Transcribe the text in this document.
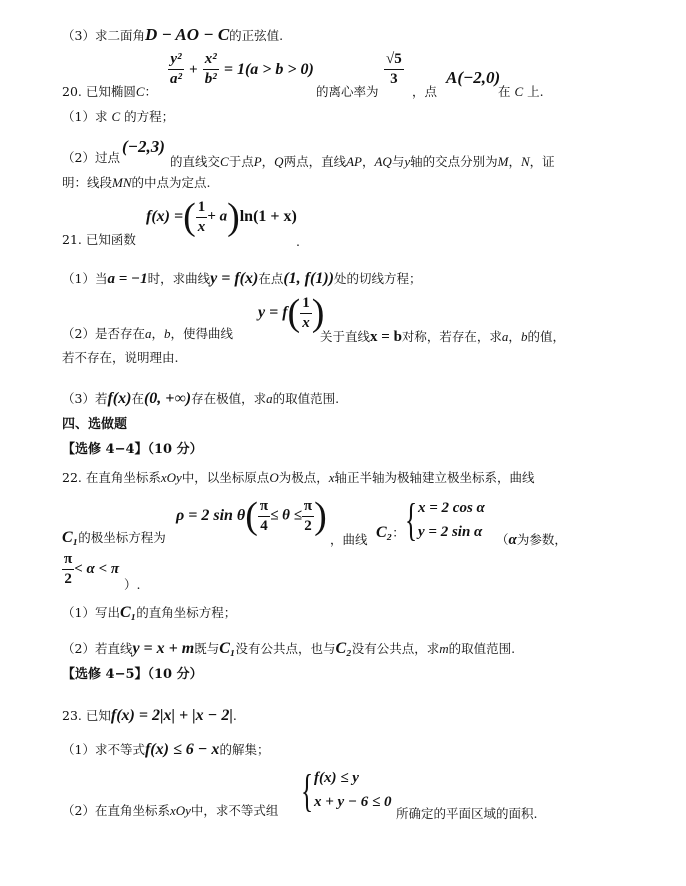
（3）求二面角D − AO − C的正弦值.
20. 已知椭圆C：
$\frac{\text{y²}}{\text{a²}} + \frac{\text{x²}}{\text{b²}} = 1(a > b > 0)$
的离心率为
$\frac{√5}{3}$
，点
A(−2,0)
在 C 上.
（1）求 C 的方程；
（2）过点
(−2,3)
的直线交C于点P，Q两点，直线AP，AQ与y轴的交点分别为M，N，证
明：线段MN的中点为定点.
f(x) =( $\frac{1}{x} + a)\ln(1 + x)$
21. 已知函数	.
（1）当a = −1时，求曲线y = f(x)在点(1, f(1))处的切线方程；
$y = f( \frac{1}{x}$ )
（2）是否存在a，b，使得曲线	关于直线x = b对称，若存在，求a，b的值，
若不存在，说明理由.
（3）若f(x)在(0, +∞)存在极值，求a的取值范围.
四、选做题
【选修 4−4】（10 分）
22. 在直角坐标系xOy中，以坐标原点O为极点，x轴正半轴为极轴建立极坐标系，曲线
C₁的极坐标方程为
ρ = 2 $\sin \theta( \frac{\pi}{4} \le \theta \le \frac{\pi}{2}$ )
，曲线 C₂： { x = 2 cos α
y = 2 sin α （α为参数，
$\frac{\pi}{2} < \alpha < \pi$
）.
（1）写出C₁的直角坐标方程；
（2）若直线y = x + m既与C₁没有公共点，也与C₂没有公共点，求m的取值范围.
【选修 4−5】（10 分）
23. 已知f(x) = 2|x| + |x − 2|.
（1）求不等式f(x) ≤ 6 − x的解集；
（2）在直角坐标系xOy中，求不等式组 { f(x) ≤ y
x + y − 6 ≤ 0
所确定的平面区域的面积.
